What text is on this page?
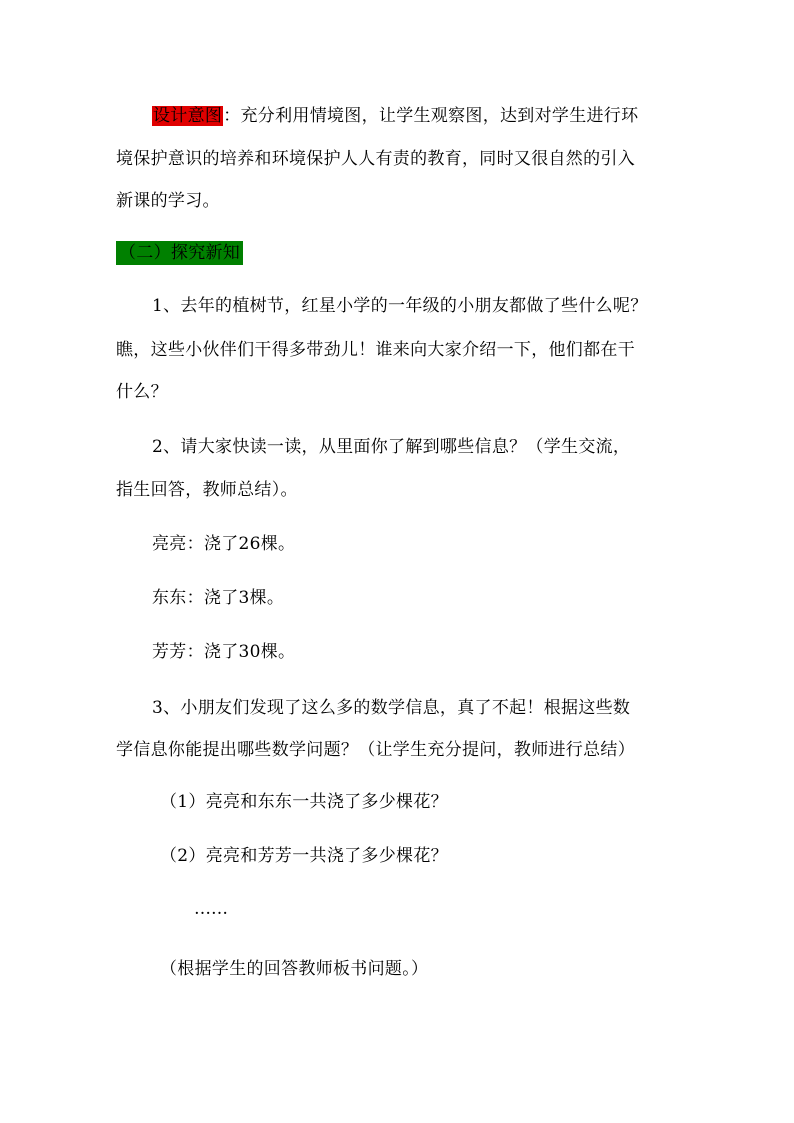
设计意图：充分利用情境图，让学生观察图，达到对学生进行环
境保护意识的培养和环境保护人人有责的教育，同时又很自然的引入
新课的学习。
（二）探究新知
1、去年的植树节，红星小学的一年级的小朋友都做了些什么呢？
瞧，这些小伙伴们干得多带劲儿！谁来向大家介绍一下，他们都在干
什么？
2、请大家快读一读，从里面你了解到哪些信息？（学生交流，
指生回答，教师总结）。
亮亮：浇了26棵。
东东：浇了3棵。
芳芳：浇了30棵。
3、小朋友们发现了这么多的数学信息，真了不起！根据这些数
学信息你能提出哪些数学问题？（让学生充分提问，教师进行总结）
（1）亮亮和东东一共浇了多少棵花？
（2）亮亮和芳芳一共浇了多少棵花？
……
（根据学生的回答教师板书问题。）
